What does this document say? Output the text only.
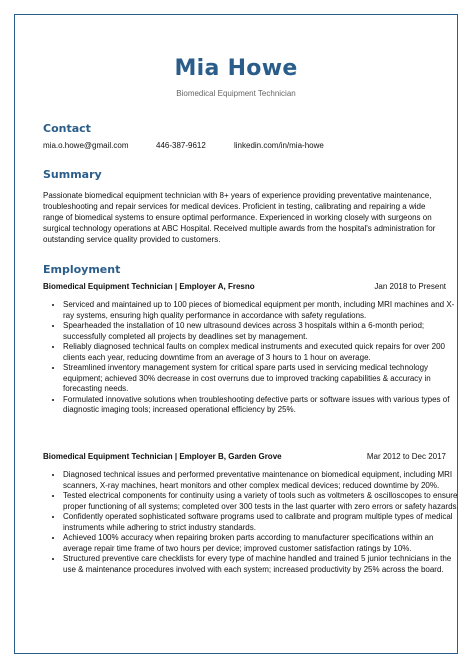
Mia Howe
Biomedical Equipment Technician
Contact
mia.o.howe@gmail.com	446-387-9612	linkedin.com/in/mia-howe
Summary
Passionate biomedical equipment technician with 8+ years of experience providing preventative maintenance, troubleshooting and repair services for medical devices. Proficient in testing, calibrating and repairing a wide range of biomedical systems to ensure optimal performance. Experienced in working closely with surgeons on surgical technology operations at ABC Hospital. Received multiple awards from the hospital's administration for outstanding service quality provided to customers.
Employment
Biomedical Equipment Technician | Employer A, Fresno	Jan 2018 to Present
• Serviced and maintained up to 100 pieces of biomedical equipment per month, including MRI machines and X-ray systems, ensuring high quality performance in accordance with safety regulations.
• Spearheaded the installation of 10 new ultrasound devices across 3 hospitals within a 6-month period; successfully completed all projects by deadlines set by management.
• Reliably diagnosed technical faults on complex medical instruments and executed quick repairs for over 200 clients each year, reducing downtime from an average of 3 hours to 1 hour on average.
• Streamlined inventory management system for critical spare parts used in servicing medical technology equipment; achieved 30% decrease in cost overruns due to improved tracking capabilities & accuracy in forecasting needs.
• Formulated innovative solutions when troubleshooting defective parts or software issues with various types of diagnostic imaging tools; increased operational efficiency by 25%.
Biomedical Equipment Technician | Employer B, Garden Grove	Mar 2012 to Dec 2017
• Diagnosed technical issues and performed preventative maintenance on biomedical equipment, including MRI scanners, X-ray machines, heart monitors and other complex medical devices; reduced downtime by 20%.
• Tested electrical components for continuity using a variety of tools such as voltmeters & oscilloscopes to ensure proper functioning of all systems; completed over 300 tests in the last quarter with zero errors or safety hazards.
• Confidently operated sophisticated software programs used to calibrate and program multiple types of medical instruments while adhering to strict industry standards.
• Achieved 100% accuracy when repairing broken parts according to manufacturer specifications within an average repair time frame of two hours per device; improved customer satisfaction ratings by 10%.
• Structured preventive care checklists for every type of machine handled and trained 5 junior technicians in the use & maintenance procedures involved with each system; increased productivity by 25% across the board.
